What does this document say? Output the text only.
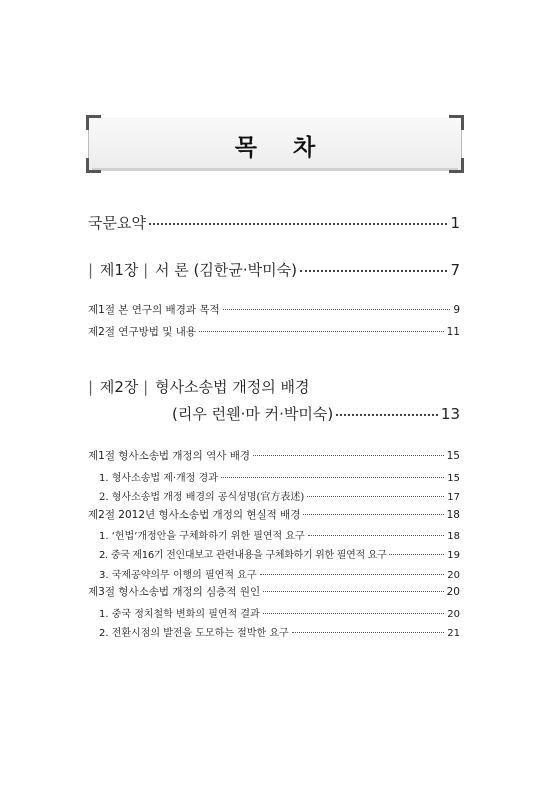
목 차
국문요약	1
| 제1장 | 서 론 (김한균·박미숙)	7
제1절 본 연구의 배경과 목적	9
제2절 연구방법 및 내용	11
| 제2장 | 형사소송법 개정의 배경
(리우 런웬·마 커·박미숙)	13
제1절 형사소송법 개정의 역사 배경	15
1. 형사소송법 제·개정 경과	15
2. 형사소송법 개정 배경의 공식성명(官方表述)	17
제2절 2012년 형사소송법 개정의 현실적 배경	18
1. ‘헌법’개정안을 구체화하기 위한 필연적 요구	18
2. 중국 제16기 전인대보고 관련내용을 구체화하기 위한 필연적 요구	19
3. 국제공약의무 이행의 필연적 요구	20
제3절 형사소송법 개정의 심층적 원인	20
1. 중국 정치철학 변화의 필연적 결과	20
2. 전환시점의 발전을 도모하는 절박한 요구	21
